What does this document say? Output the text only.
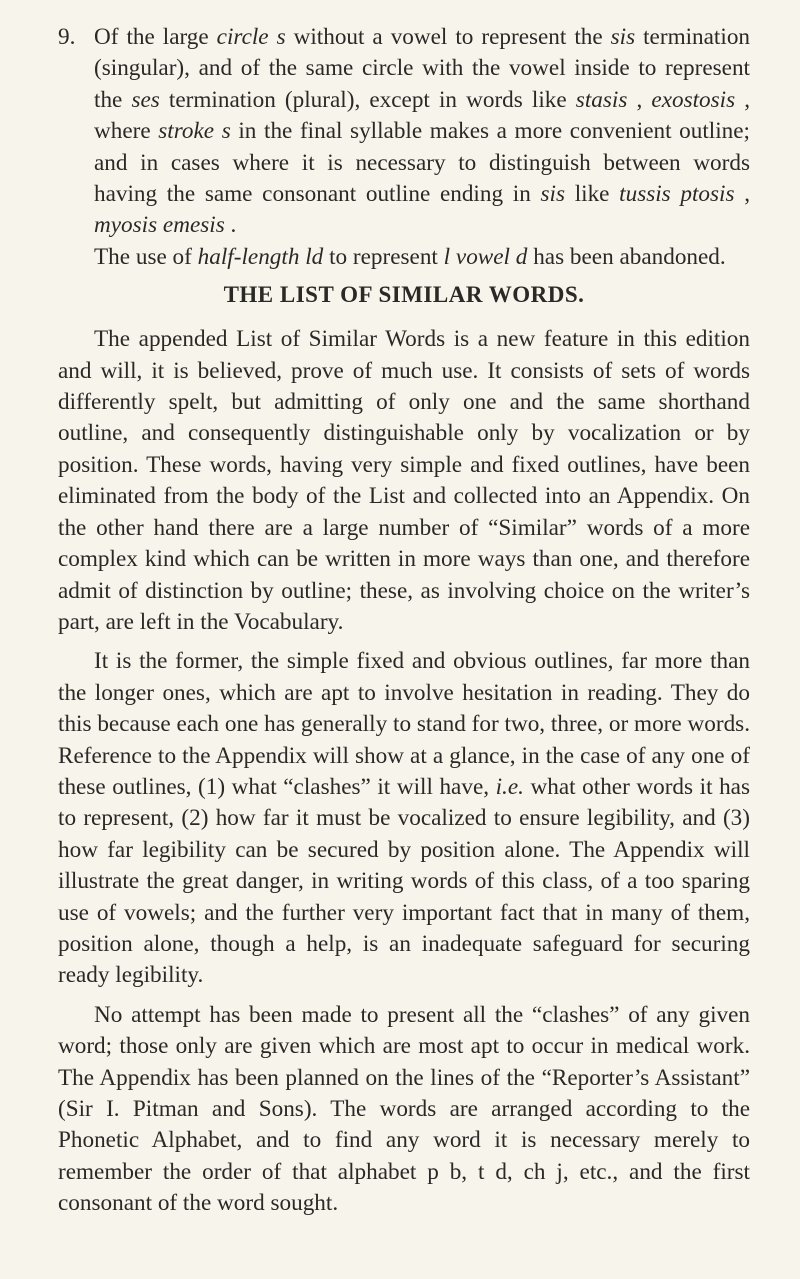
9. Of the large circle s without a vowel to represent the sis termination (singular), and of the same circle with the vowel inside to represent the ses termination (plural), except in words like stasis , exostosis , where stroke s in the final syllable makes a more convenient outline; and in cases where it is necessary to distinguish between words having the same consonant outline ending in sis like tussis ptosis , myosis emesis .

The use of half-length ld to represent l vowel d has been abandoned.

THE LIST OF SIMILAR WORDS.

The appended List of Similar Words is a new feature in this edition and will, it is believed, prove of much use. It consists of sets of words differently spelt, but admitting of only one and the same shorthand outline, and consequently distinguishable only by vocalization or by position. These words, having very simple and fixed outlines, have been eliminated from the body of the List and collected into an Appendix. On the other hand there are a large number of “Similar” words of a more complex kind which can be written in more ways than one, and therefore admit of distinction by outline; these, as involving choice on the writer’s part, are left in the Vocabulary.

It is the former, the simple fixed and obvious outlines, far more than the longer ones, which are apt to involve hesitation in reading. They do this because each one has generally to stand for two, three, or more words. Reference to the Appendix will show at a glance, in the case of any one of these outlines, (1) what “clashes” it will have, i.e. what other words it has to represent, (2) how far it must be vocalized to ensure legibility, and (3) how far legibility can be secured by position alone. The Appendix will illustrate the great danger, in writing words of this class, of a too sparing use of vowels; and the further very important fact that in many of them, position alone, though a help, is an inadequate safeguard for securing ready legibility.

No attempt has been made to present all the “clashes” of any given word; those only are given which are most apt to occur in medical work. The Appendix has been planned on the lines of the “Reporter’s Assistant” (Sir I. Pitman and Sons). The words are arranged according to the Phonetic Alphabet, and to find any word it is necessary merely to remember the order of that alphabet p b, t d, ch j, etc., and the first consonant of the word sought.
